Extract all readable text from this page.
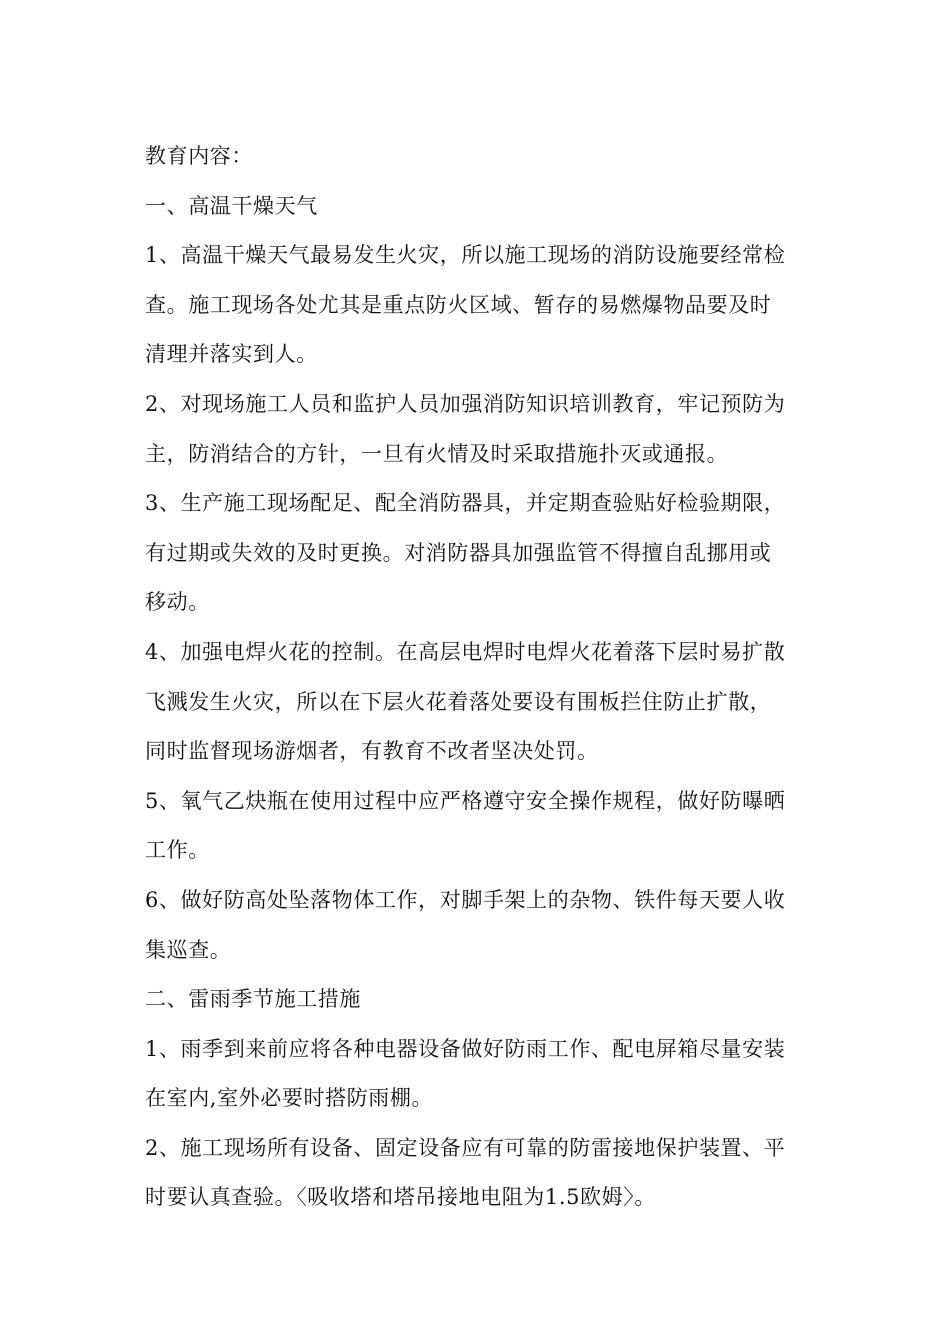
教育内容：
一、高温干燥天气
1、高温干燥天气最易发生火灾，所以施工现场的消防设施要经常检
查。施工现场各处尤其是重点防火区域、暂存的易燃爆物品要及时
清理并落实到人。
2、对现场施工人员和监护人员加强消防知识培训教育，牢记预防为
主，防消结合的方针，一旦有火情及时采取措施扑灭或通报。
3、生产施工现场配足、配全消防器具，并定期查验贴好检验期限，
有过期或失效的及时更换。对消防器具加强监管不得擅自乱挪用或
移动。
4、加强电焊火花的控制。在高层电焊时电焊火花着落下层时易扩散
飞溅发生火灾，所以在下层火花着落处要设有围板拦住防止扩散，
同时监督现场游烟者，有教育不改者坚决处罚。
5、氧气乙炔瓶在使用过程中应严格遵守安全操作规程，做好防曝晒
工作。
6、做好防高处坠落物体工作，对脚手架上的杂物、铁件每天要人收
集巡查。
二、雷雨季节施工措施
1、雨季到来前应将各种电器设备做好防雨工作、配电屏箱尽量安装
在室内,室外必要时搭防雨棚。
2、施工现场所有设备、固定设备应有可靠的防雷接地保护装置、平
时要认真查验。〈吸收塔和塔吊接地电阻为1.5欧姆〉。
